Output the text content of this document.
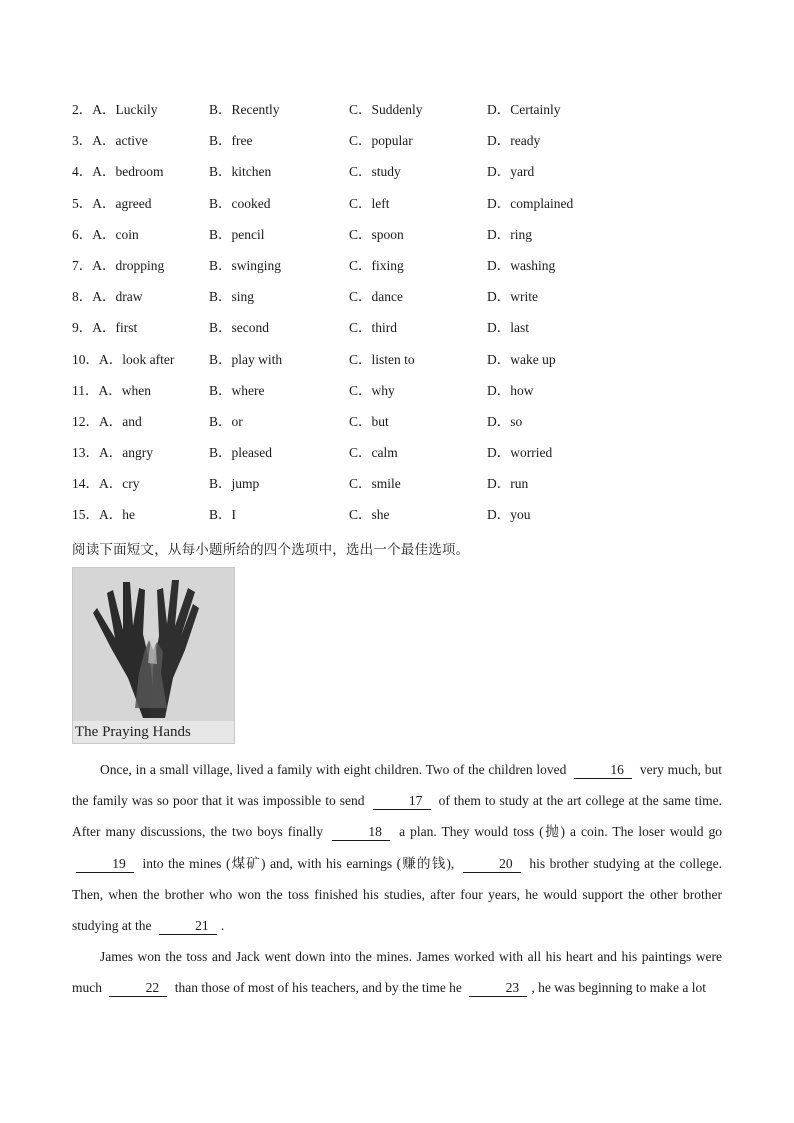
2．A．Luckily	B．Recently	C．Suddenly	D．Certainly
3．A．active	B．free	C．popular	D．ready
4．A．bedroom	B．kitchen	C．study	D．yard
5．A．agreed	B．cooked	C．left	D．complained
6．A．coin	B．pencil	C．spoon	D．ring
7．A．dropping	B．swinging	C．fixing	D．washing
8．A．draw	B．sing	C．dance	D．write
9．A．first	B．second	C．third	D．last
10．A．look after	B．play with	C．listen to	D．wake up
11．A．when	B．where	C．why	D．how
12．A．and	B．or	C．but	D．so
13．A．angry	B．pleased	C．calm	D．worried
14．A．cry	B．jump	C．smile	D．run
15．A．he	B．I	C．she	D．you
阅读下面短文，从每小题所给的四个选项中，选出一个最佳选项。
The Praying Hands

Once, in a small village, lived a family with eight children. Two of the children loved	16 very much, but the family was so poor that it was impossible to send	17 of them to study at the art college at the same time. After many discussions, the two boys finally	18 a plan. They would toss (抛) a coin. The loser would go 19 into the mines (煤矿) and, with his earnings (赚的钱),	20 his brother studying at the college. Then, when the brother who won the toss finished his studies, after four years, he would support the other brother studying at the	21 .

James won the toss and Jack went down into the mines. James worked with all his heart and his paintings were much	22 than those of most of his teachers, and by the time he	23 , he was beginning to make a lot
